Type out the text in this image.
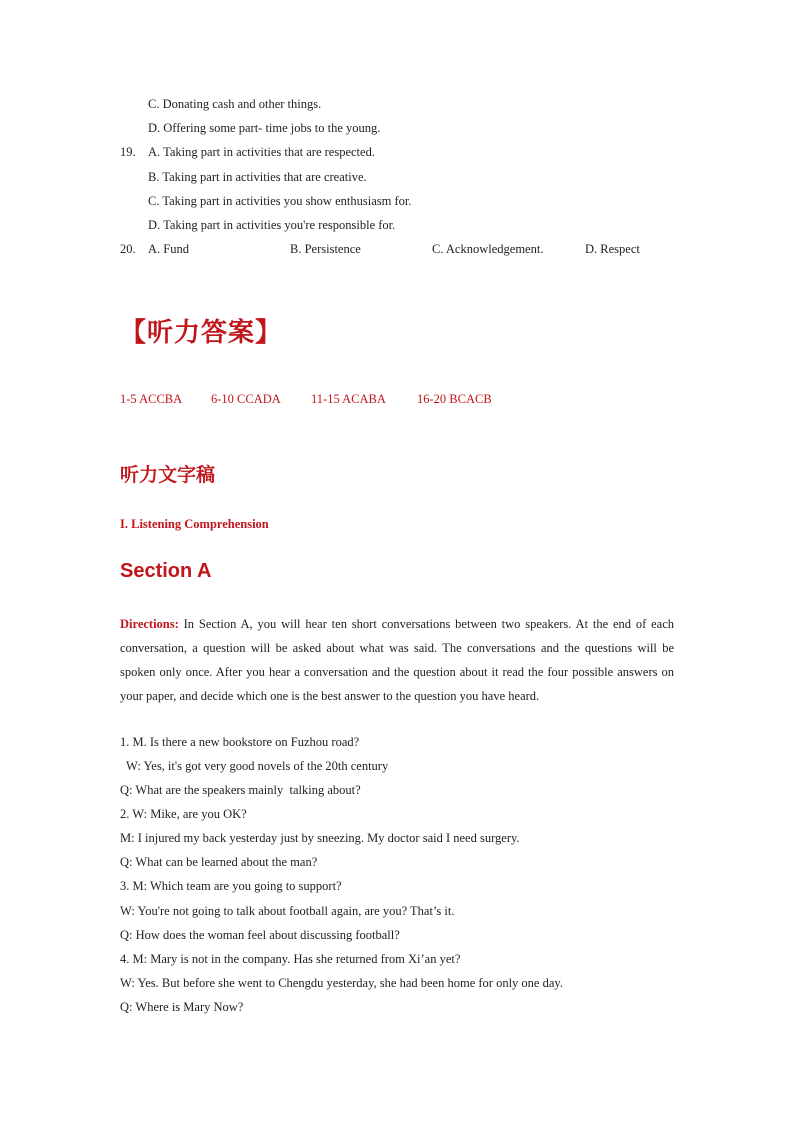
C. Donating cash and other things.
D. Offering some part- time jobs to the young.
19. A. Taking part in activities that are respected.
B. Taking part in activities that are creative.
C. Taking part in activities you show enthusiasm for.
D. Taking part in activities you're responsible for.
20. A. Fund	B. Persistence	C. Acknowledgement.	D. Respect
【听力答案】
1-5 ACCBA 6-10 CCADA 11-15 ACABA 16-20 BCACB
听力文字稿
I. Listening Comprehension
Section A
Directions: In Section A, you will hear ten short conversations between two speakers. At the end of each conversation, a question will be asked about what was said. The conversations and the questions will be spoken only once. After you hear a conversation and the question about it read the four possible answers on your paper, and decide which one is the best answer to the question you have heard.
1. M. Is there a new bookstore on Fuzhou road?
W: Yes, it's got very good novels of the 20th century
Q: What are the speakers mainly  talking about?
2. W: Mike, are you OK?
M: I injured my back yesterday just by sneezing. My doctor said I need surgery.
Q: What can be learned about the man?
3. M: Which team are you going to support?
W: You're not going to talk about football again, are you? That’s it.
Q: How does the woman feel about discussing football?
4. M: Mary is not in the company. Has she returned from Xi’an yet?
W: Yes. But before she went to Chengdu yesterday, she had been home for only one day.
Q: Where is Mary Now?
